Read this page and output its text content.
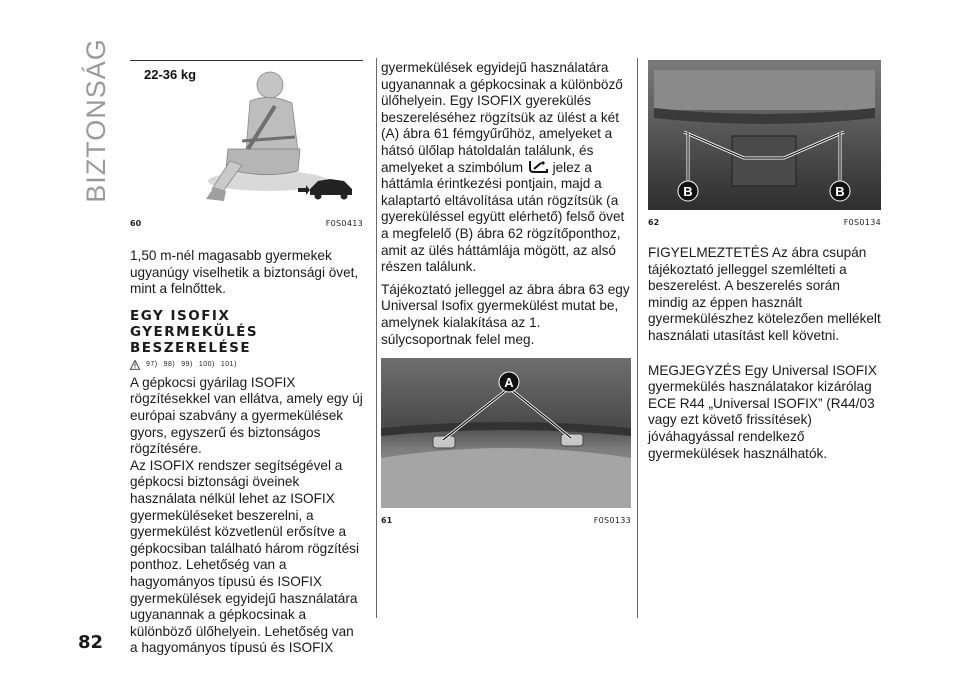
BIZTONSÁG	22-36 kg
60	F0S0413

1,50 m-nél magasabb gyermekek ugyanúgy viselhetik a biztonsági övet, mint a felnőttek.

EGY ISOFIX
GYERMEKÜLÉS
BESZERELÉSE
97) 98) 99) 100) 101)

A gépkocsi gyárilag ISOFIX rögzítésekkel van ellátva, amely egy új európai szabvány a gyermekülések gyors, egyszerű és biztonságos rögzítésére.

Az ISOFIX rendszer segítségével a gépkocsi biztonsági öveinek használata nélkül lehet az ISOFIX gyermeküléseket beszerelni, a gyermekülést közvetlenül erősítve a gépkocsiban található három rögzítési ponthoz. Lehetőség van a hagyományos típusú és ISOFIX gyermekülések egyidejű használatára ugyanannak a gépkocsinak a különböző ülőhelyein. Lehetőség van a hagyományos típusú és ISOFIX

gyermekülések egyidejű használatára ugyanannak a gépkocsinak a különböző ülőhelyein. Egy ISOFIX gyerekülés beszereléséhez rögzítsük az ülést a két (A) ábra 61 fémgyűrűhöz, amelyeket a hátsó ülőlap hátoldalán találunk, és amelyeket a szimbólum jelez a háttámla érintkezési pontjain, majd a kalaptartó eltávolítása után rögzítsük (a gyereküléssel együtt elérhető) felső övet a megfelelő (B) ábra 62 rögzítőponthoz, amit az ülés háttámlája mögött, az alsó részen találunk.

Tájékoztató jelleggel az ábra ábra 63 egy Universal Isofix gyermekülést mutat be, amelynek kialakítása az 1. súlycsoportnak felel meg.

A
61	F0S0133
B	B
62	F0S0134

FIGYELMEZTETÉS Az ábra csupán tájékoztató jelleggel szemlélteti a beszerelést. A beszerelés során mindig az éppen használt gyermekülészhez kötelezően mellékelt használati utasítást kell követni.

MEGJEGYZÉS Egy Universal ISOFIX gyermekülés használatakor kizárólag ECE R44 „Universal ISOFIX” (R44/03 vagy ezt követő frissítések) jóváhagyással rendelkező gyermekülések használhatók.

82
